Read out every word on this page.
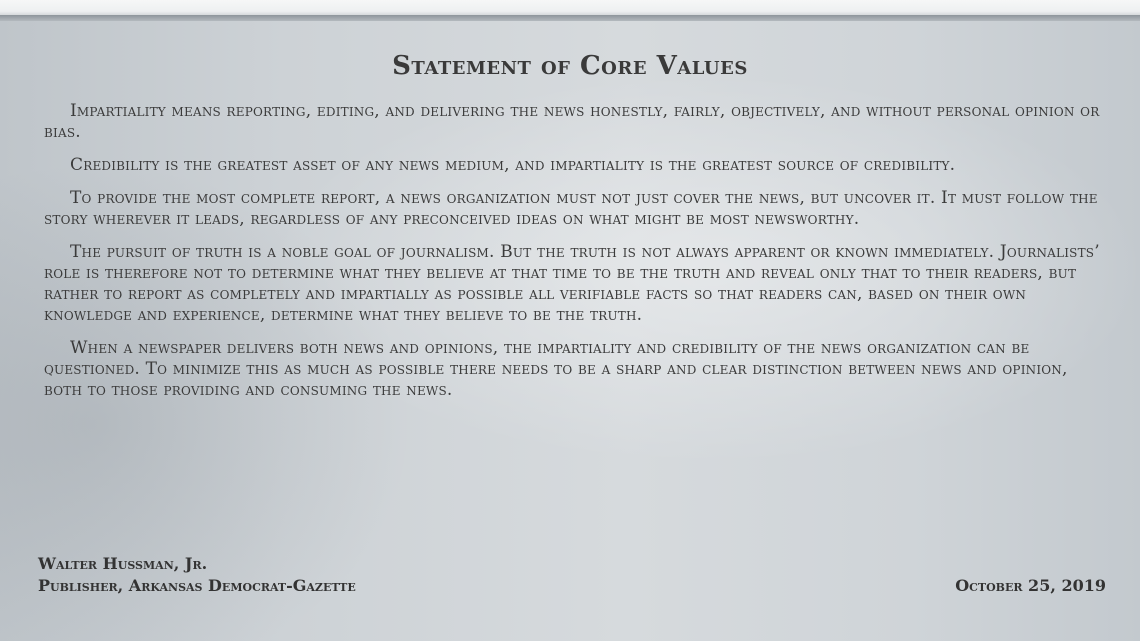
Statement of Core Values

Impartiality means reporting, editing, and delivering the news honestly, fairly, objectively, and without personal opinion or bias.

Credibility is the greatest asset of any news medium, and impartiality is the greatest source of credibility.

To provide the most complete report, a news organization must not just cover the news, but uncover it. It must follow the story wherever it leads, regardless of any preconceived ideas on what might be most newsworthy.

The pursuit of truth is a noble goal of journalism. But the truth is not always apparent or known immediately. Journalists’ role is therefore not to determine what they believe at that time to be the truth and reveal only that to their readers, but rather to report as completely and impartially as possible all verifiable facts so that readers can, based on their own knowledge and experience, determine what they believe to be the truth.

When a newspaper delivers both news and opinions, the impartiality and credibility of the news organization can be questioned. To minimize this as much as possible there needs to be a sharp and clear distinction between news and opinion, both to those providing and consuming the news.

Walter Hussman, Jr.
Publisher, Arkansas Democrat-Gazette	October 25, 2019
